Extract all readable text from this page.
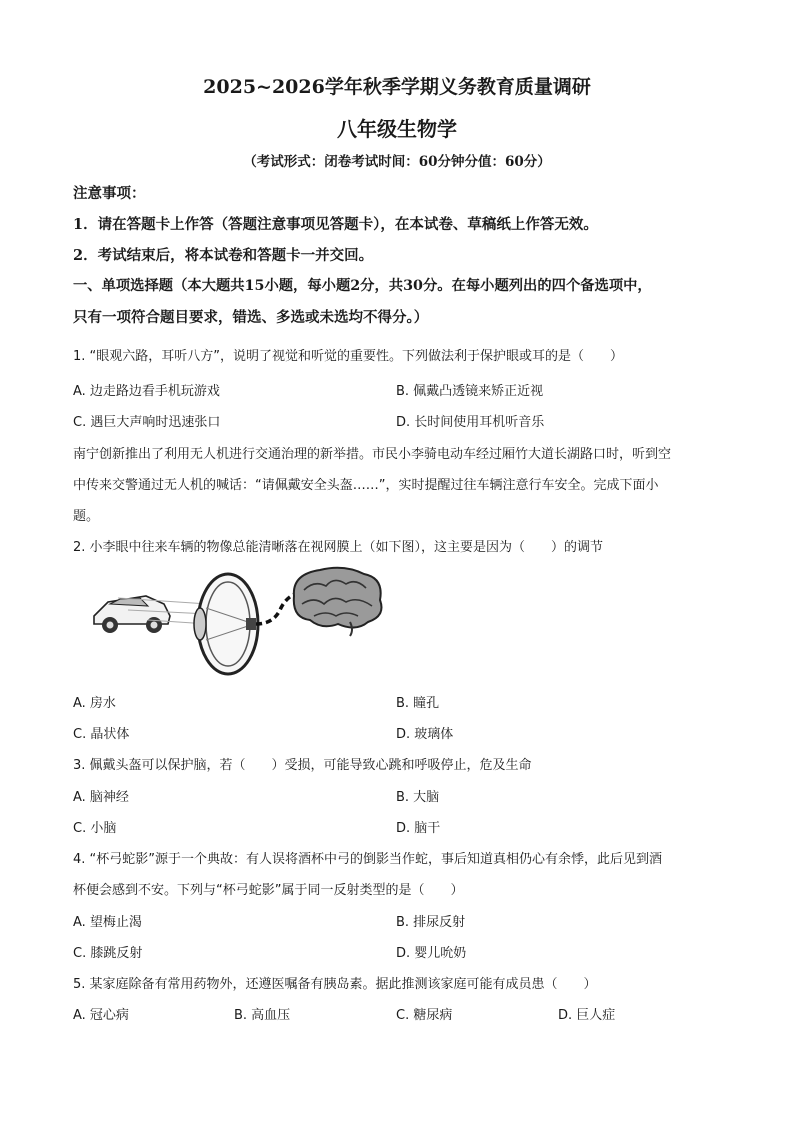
2025~2026学年秋季学期义务教育质量调研
八年级生物学
（考试形式：闭卷考试时间：60分钟分值：60分）
注意事项：
1．请在答题卡上作答（答题注意事项见答题卡），在本试卷、草稿纸上作答无效。
2．考试结束后，将本试卷和答题卡一并交回。
一、单项选择题（本大题共15小题，每小题2分，共30分。在每小题列出的四个备选项中，
只有一项符合题目要求，错选、多选或未选均不得分。）
1. “眼观六路，耳听八方”，说明了视觉和听觉的重要性。下列做法利于保护眼或耳的是（　　）
A. 边走路边看手机玩游戏	B. 佩戴凸透镜来矫正近视
C. 遇巨大声响时迅速张口	D. 长时间使用耳机听音乐
南宁创新推出了利用无人机进行交通治理的新举措。市民小李骑电动车经过厢竹大道长湖路口时，听到空
中传来交警通过无人机的喊话：“请佩戴安全头盔……”，实时提醒过往车辆注意行车安全。完成下面小
题。
2. 小李眼中往来车辆的物像总能清晰落在视网膜上（如下图），这主要是因为（　　）的调节
A. 房水	B. 瞳孔
C. 晶状体	D. 玻璃体
3. 佩戴头盔可以保护脑，若（　　）受损，可能导致心跳和呼吸停止，危及生命
A. 脑神经	B. 大脑
C. 小脑	D. 脑干
4. “杯弓蛇影”源于一个典故：有人误将酒杯中弓的倒影当作蛇，事后知道真相仍心有余悸，此后见到酒
杯便会感到不安。下列与“杯弓蛇影”属于同一反射类型的是（　　）
A. 望梅止渴	B. 排尿反射
C. 膝跳反射	D. 婴儿吮奶
5. 某家庭除备有常用药物外，还遵医嘱备有胰岛素。据此推测该家庭可能有成员患（　　）
A. 冠心病	B. 高血压	C. 糖尿病	D. 巨人症
